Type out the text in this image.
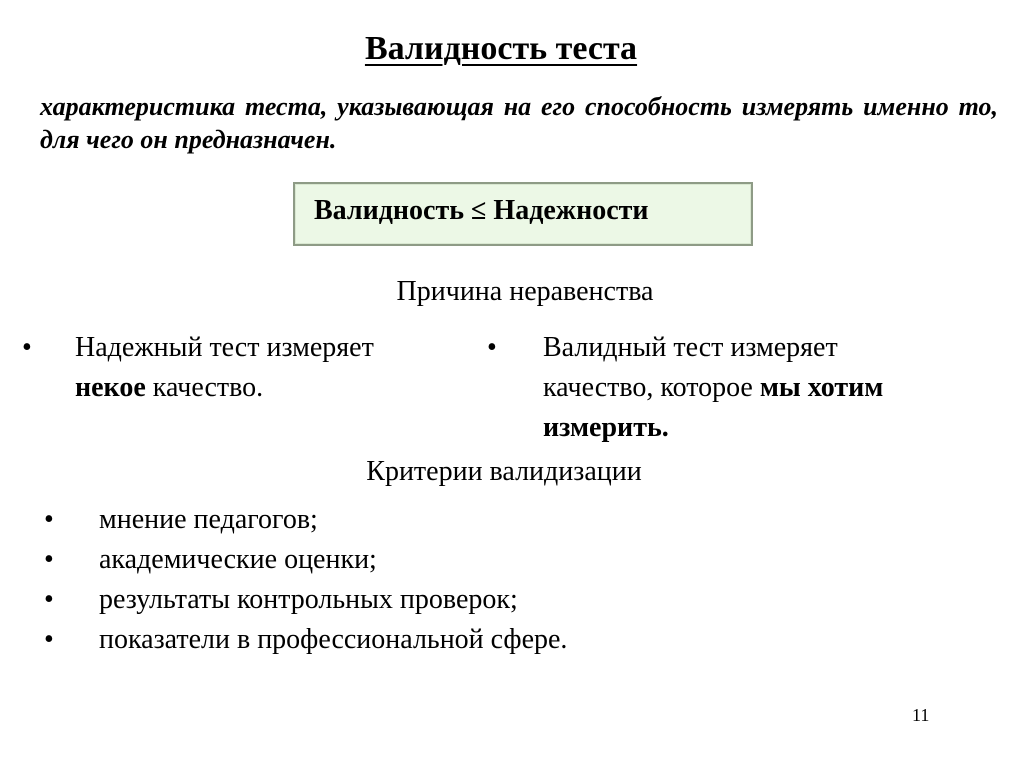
Валидность теста

характеристика теста, указывающая на его способность измерять именно то, для чего он предназначен.

Валидность ≤ Надежности
Причина неравенства
• Надежный тест измеряет
некое качество.
• Валидный тест измеряет
качество, которое мы хотим измерить.
Критерии валидизации
• мнение педагогов;
• академические оценки;
• результаты контрольных проверок;
• показатели в профессиональной сфере.
11
